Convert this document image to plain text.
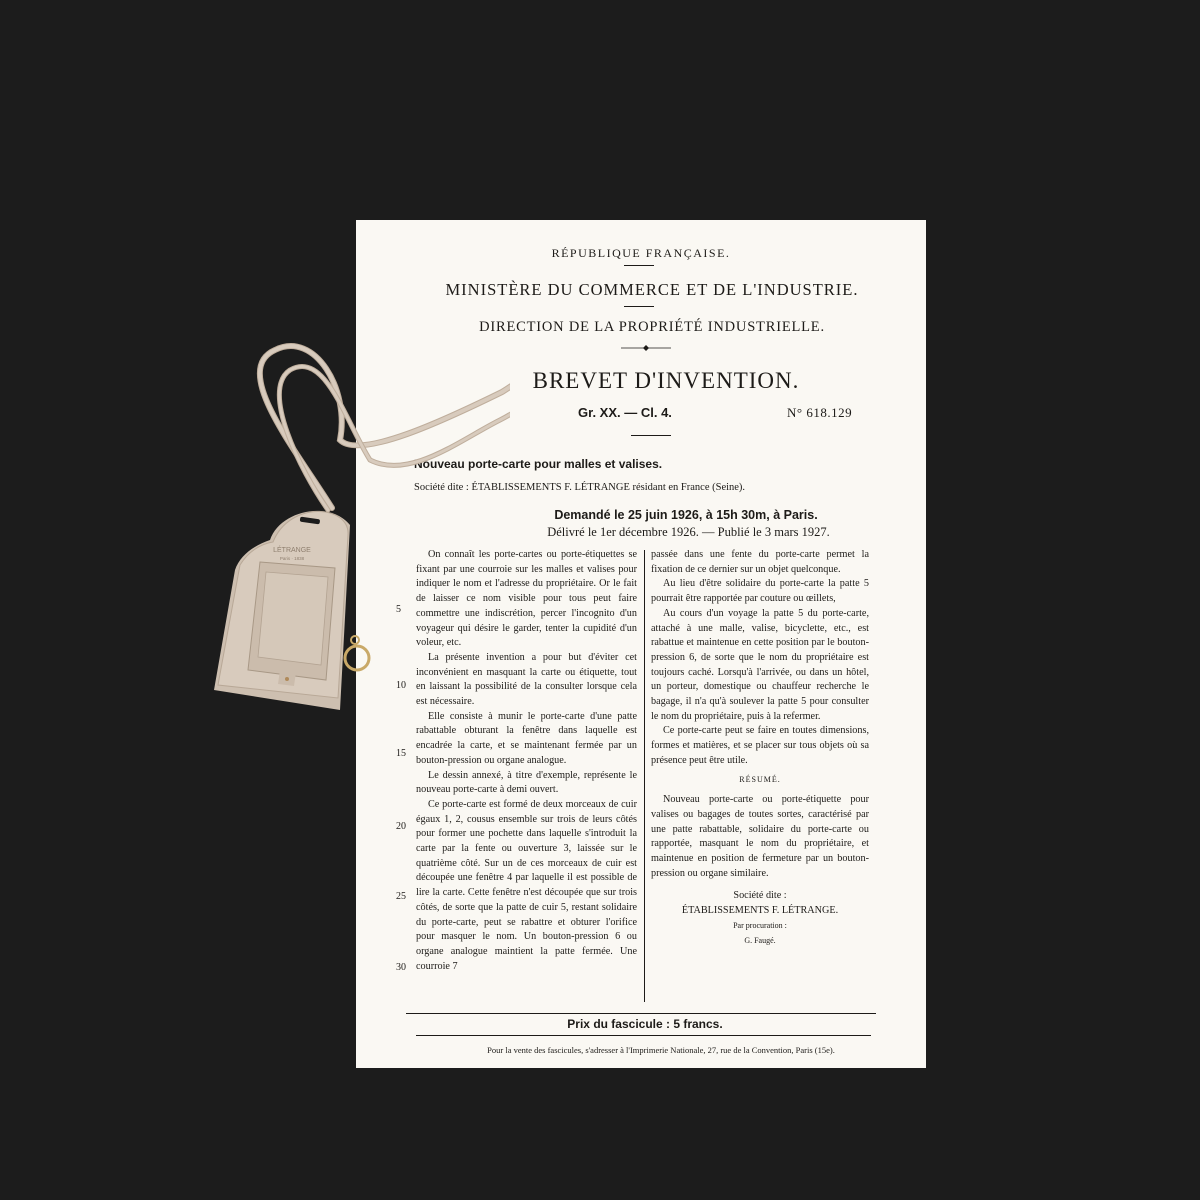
RÉPUBLIQUE FRANÇAISE.
MINISTÈRE DU COMMERCE ET DE L'INDUSTRIE.
DIRECTION DE LA PROPRIÉTÉ INDUSTRIELLE.
BREVET D'INVENTION.
Gr. XX. — Cl. 4.	N° 618.129
Nouveau porte-carte pour malles et valises.
Société dite : ÉTABLISSEMENTS F. LÉTRANGE résidant en France (Seine).
Demandé le 25 juin 1926, à 15h 30m, à Paris.
Délivré le 1er décembre 1926. — Publié le 3 mars 1927.
5
10
15
20
25
30

On connaît les porte-cartes ou porte-étiquettes se fixant par une courroie sur les malles et valises pour indiquer le nom et l'adresse du propriétaire. Or le fait de laisser ce nom visible pour tous peut faire commettre une indiscrétion, percer l'incognito d'un voyageur qui désire le garder, tenter la cupidité d'un voleur, etc.

La présente invention a pour but d'éviter cet inconvénient en masquant la carte ou étiquette, tout en laissant la possibilité de la consulter lorsque cela est nécessaire.

Elle consiste à munir le porte-carte d'une patte rabattable obturant la fenêtre dans laquelle est encadrée la carte, et se maintenant fermée par un bouton-pression ou organe analogue.

Le dessin annexé, à titre d'exemple, représente le nouveau porte-carte à demi ouvert.

Ce porte-carte est formé de deux morceaux de cuir égaux 1, 2, cousus ensemble sur trois de leurs côtés pour former une pochette dans laquelle s'introduit la carte par la fente ou ouverture 3, laissée sur le quatrième côté. Sur un de ces morceaux de cuir est découpée une fenêtre 4 par laquelle il est possible de lire la carte. Cette fenêtre n'est découpée que sur trois côtés, de sorte que la patte de cuir 5, restant solidaire du porte-carte, peut se rabattre et obturer l'orifice pour masquer le nom. Un bouton-pression 6 ou organe analogue maintient la patte fermée. Une courroie 7

passée dans une fente du porte-carte permet la fixation de ce dernier sur un objet quelconque.

Au lieu d'être solidaire du porte-carte la patte 5 pourrait être rapportée par couture ou œillets,

Au cours d'un voyage la patte 5 du porte-carte, attaché à une malle, valise, bicyclette, etc., est rabattue et maintenue en cette position par le bouton-pression 6, de sorte que le nom du propriétaire est toujours caché. Lorsqu'à l'arrivée, ou dans un hôtel, un porteur, domestique ou chauffeur recherche le bagage, il n'a qu'à soulever la patte 5 pour consulter le nom du propriétaire, puis à la refermer.

Ce porte-carte peut se faire en toutes dimensions, formes et matières, et se placer sur tous objets où sa présence peut être utile.

RÉSUMÉ.

Nouveau porte-carte ou porte-étiquette pour valises ou bagages de toutes sortes, caractérisé par une patte rabattable, solidaire du porte-carte ou rapportée, masquant le nom du propriétaire, et maintenue en position de fermeture par un bouton-pression ou organe similaire.

Société dite :

ÉTABLISSEMENTS F. LÉTRANGE.

Par procuration :

G. Faugé.

Prix du fascicule : 5 francs.
Pour la vente des fascicules, s'adresser à l'Imprimerie Nationale, 27, rue de la Convention, Paris (15e).
LÉTRANGE
Paris · 1838
